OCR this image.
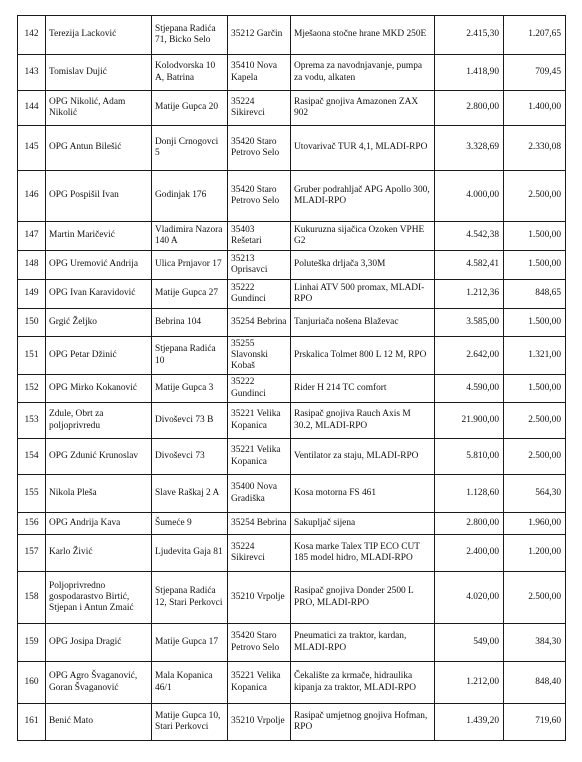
142	Terezija Lacković	Stjepana Radića 71, Bicko Selo	35212 Garčin	Mješaona stočne hrane MKD 250E	2.415,30	1.207,65
143	Tomislav Dujić	Kolodvorska 10 A, Batrina	35410 Nova Kapela	Oprema za navodnjavanje, pumpa za vodu, alkaten	1.418,90	709,45
144	OPG Nikolić, Adam Nikolić	Matije Gupca 20	35224 Sikirevci	Rasipač gnojiva Amazonen ZAX 902	2.800,00	1.400,00
145	OPG Antun Bilešić	Donji Crnogovci 5	35420 Staro Petrovo Selo	Utovarivač TUR 4,1, MLADI-RPO	3.328,69	2.330,08
146	OPG Pospišil Ivan	Godinjak 176	35420 Staro Petrovo Selo	Gruber podrahljač APG Apollo 300, MLADI-RPO	4.000,00	2.500,00
147	Martin Maričević	Vladimira Nazora 140 A	35403 Rešetari	Kukuruzna sijačica Ozoken VPHE G2	4.542,38	1.500,00
148	OPG Uremović Andrija	Ulica Prnjavor 17	35213 Oprisavci	Poluteška drljača 3,30M	4.582,41	1.500,00
149	OPG Ivan Karavidović	Matije Gupca 27	35222 Gundinci	Linhai ATV 500 promax, MLADI-RPO	1.212,36	848,65
150	Grgić Željko	Bebrina 104	35254 Bebrina	Tanjuriača nošena Blaževac	3.585,00	1.500,00
151	OPG Petar Džinić	Stjepana Radića 10	35255 Slavonski Kobaš	Prskalica Tolmet 800 L 12 M, RPO	2.642,00	1.321,00
152	OPG Mirko Kokanović	Matije Gupca 3	35222 Gundinci	Rider H 214 TC comfort	4.590,00	1.500,00
153	Zdule, Obrt za poljoprivredu	Divoševci 73 B	35221 Velika Kopanica	Rasipač gnojiva Rauch Axis M 30.2, MLADI-RPO	21.900,00	2.500,00
154	OPG Zdunić Krunoslav	Divoševci 73	35221 Velika Kopanica	Ventilator za staju, MLADI-RPO	5.810,00	2.500,00
155	Nikola Pleša	Slave Raškaj 2 A	35400 Nova Gradiška	Kosa motorna FS 461	1.128,60	564,30
156	OPG Andrija Kava	Šumeće 9	35254 Bebrina	Sakupljač sijena	2.800,00	1.960,00
157	Karlo Živić	Ljudevita Gaja 81	35224 Sikirevci	Kosa marke Talex TIP ECO CUT 185 model hidro, MLADI-RPO	2.400,00	1.200,00
158	Poljoprivredno gospodarastvo Birtić, Stjepan i Antun Zmaić	Stjepana Radića 12, Stari Perkovci	35210 Vrpolje	Rasipač gnojiva Donder 2500 L PRO, MLADI-RPO	4.020,00	2.500,00
159	OPG Josipa Dragić	Matije Gupca 17	35420 Staro Petrovo Selo	Pneumatici za traktor, kardan, MLADI-RPO	549,00	384,30
160	OPG Agro Švaganović, Goran Švaganović	Mala Kopanica 46/1	35221 Velika Kopanica	Čekalište za krmače, hidraulika kipanja za traktor, MLADI-RPO	1.212,00	848,40
161	Benić Mato	Matije Gupca 10, Stari Perkovci	35210 Vrpolje	Rasipač umjetnog gnojiva Hofman, RPO	1.439,20	719,60
